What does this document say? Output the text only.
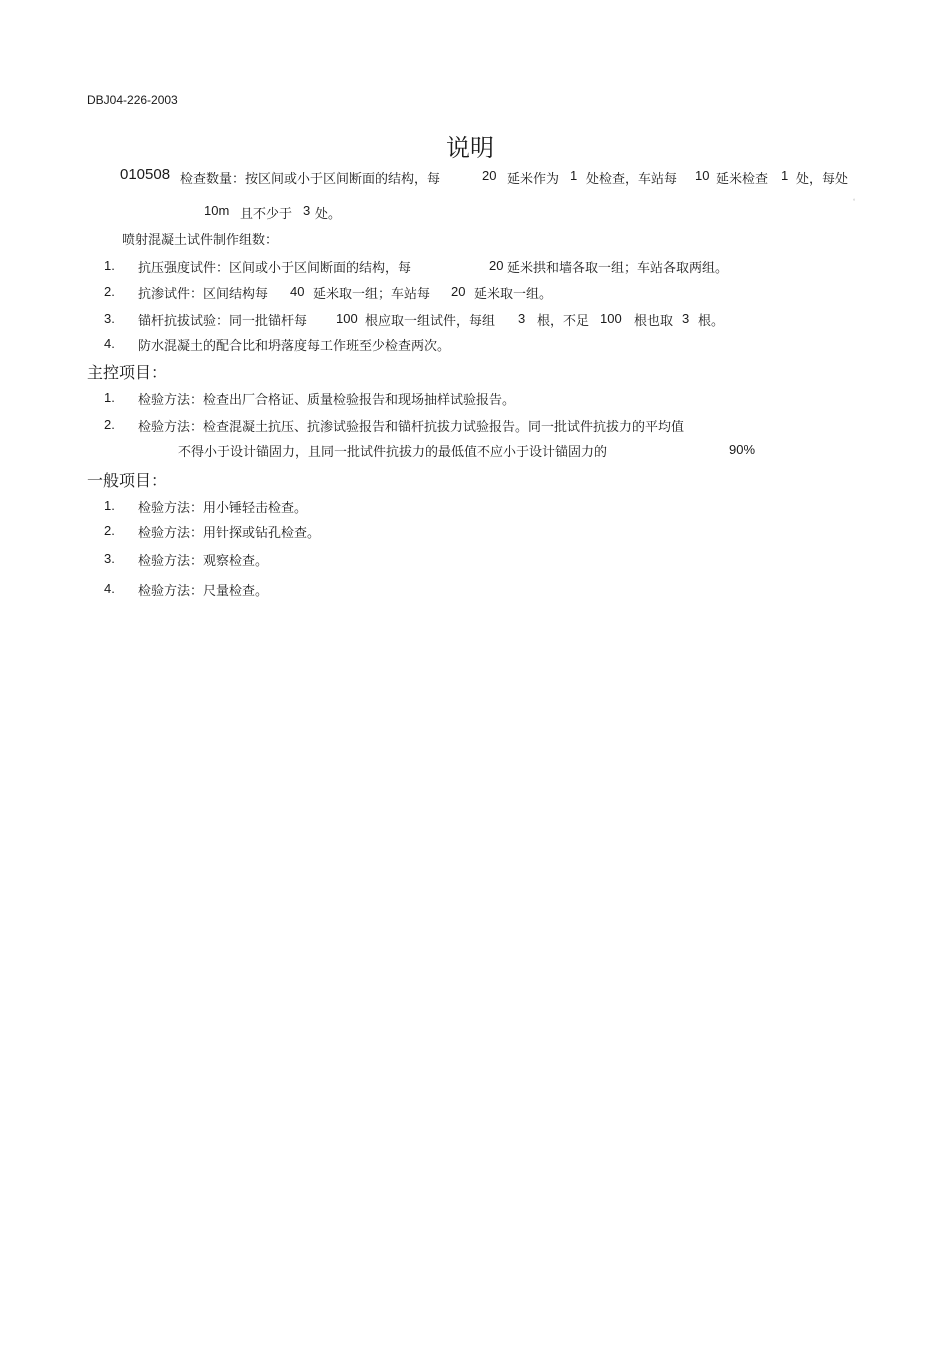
DBJ04-226-2003
说明
010508 检查数量：按区间或小于区间断面的结构，每	20 延米作为 1 处检查，车站每 10 延米检查 1 处，每处
。
10m 且不少于 3 处。
喷射混凝土试件制作组数：
1. 抗压强度试件：区间或小于区间断面的结构，每	20 延米拱和墙各取一组；车站各取两组。
2. 抗渗试件：区间结构每 40 延米取一组；车站每 20 延米取一组。
3. 锚杆抗拔试验：同一批锚杆每 100 根应取一组试件，每组 3 根，不足 100 根也取 3 根。
4. 防水混凝土的配合比和坍落度每工作班至少检查两次。
主控项目：
1. 检验方法：检查出厂合格证、质量检验报告和现场抽样试验报告。
2. 检验方法：检查混凝土抗压、抗渗试验报告和锚杆抗拔力试验报告。同一批试件抗拔力的平均值
不得小于设计锚固力，且同一批试件抗拔力的最低值不应小于设计锚固力的	90%
一般项目：
1. 检验方法：用小锤轻击检查。
2. 检验方法：用针探或钻孔检查。
3. 检验方法：观察检查。
4. 检验方法：尺量检查。
